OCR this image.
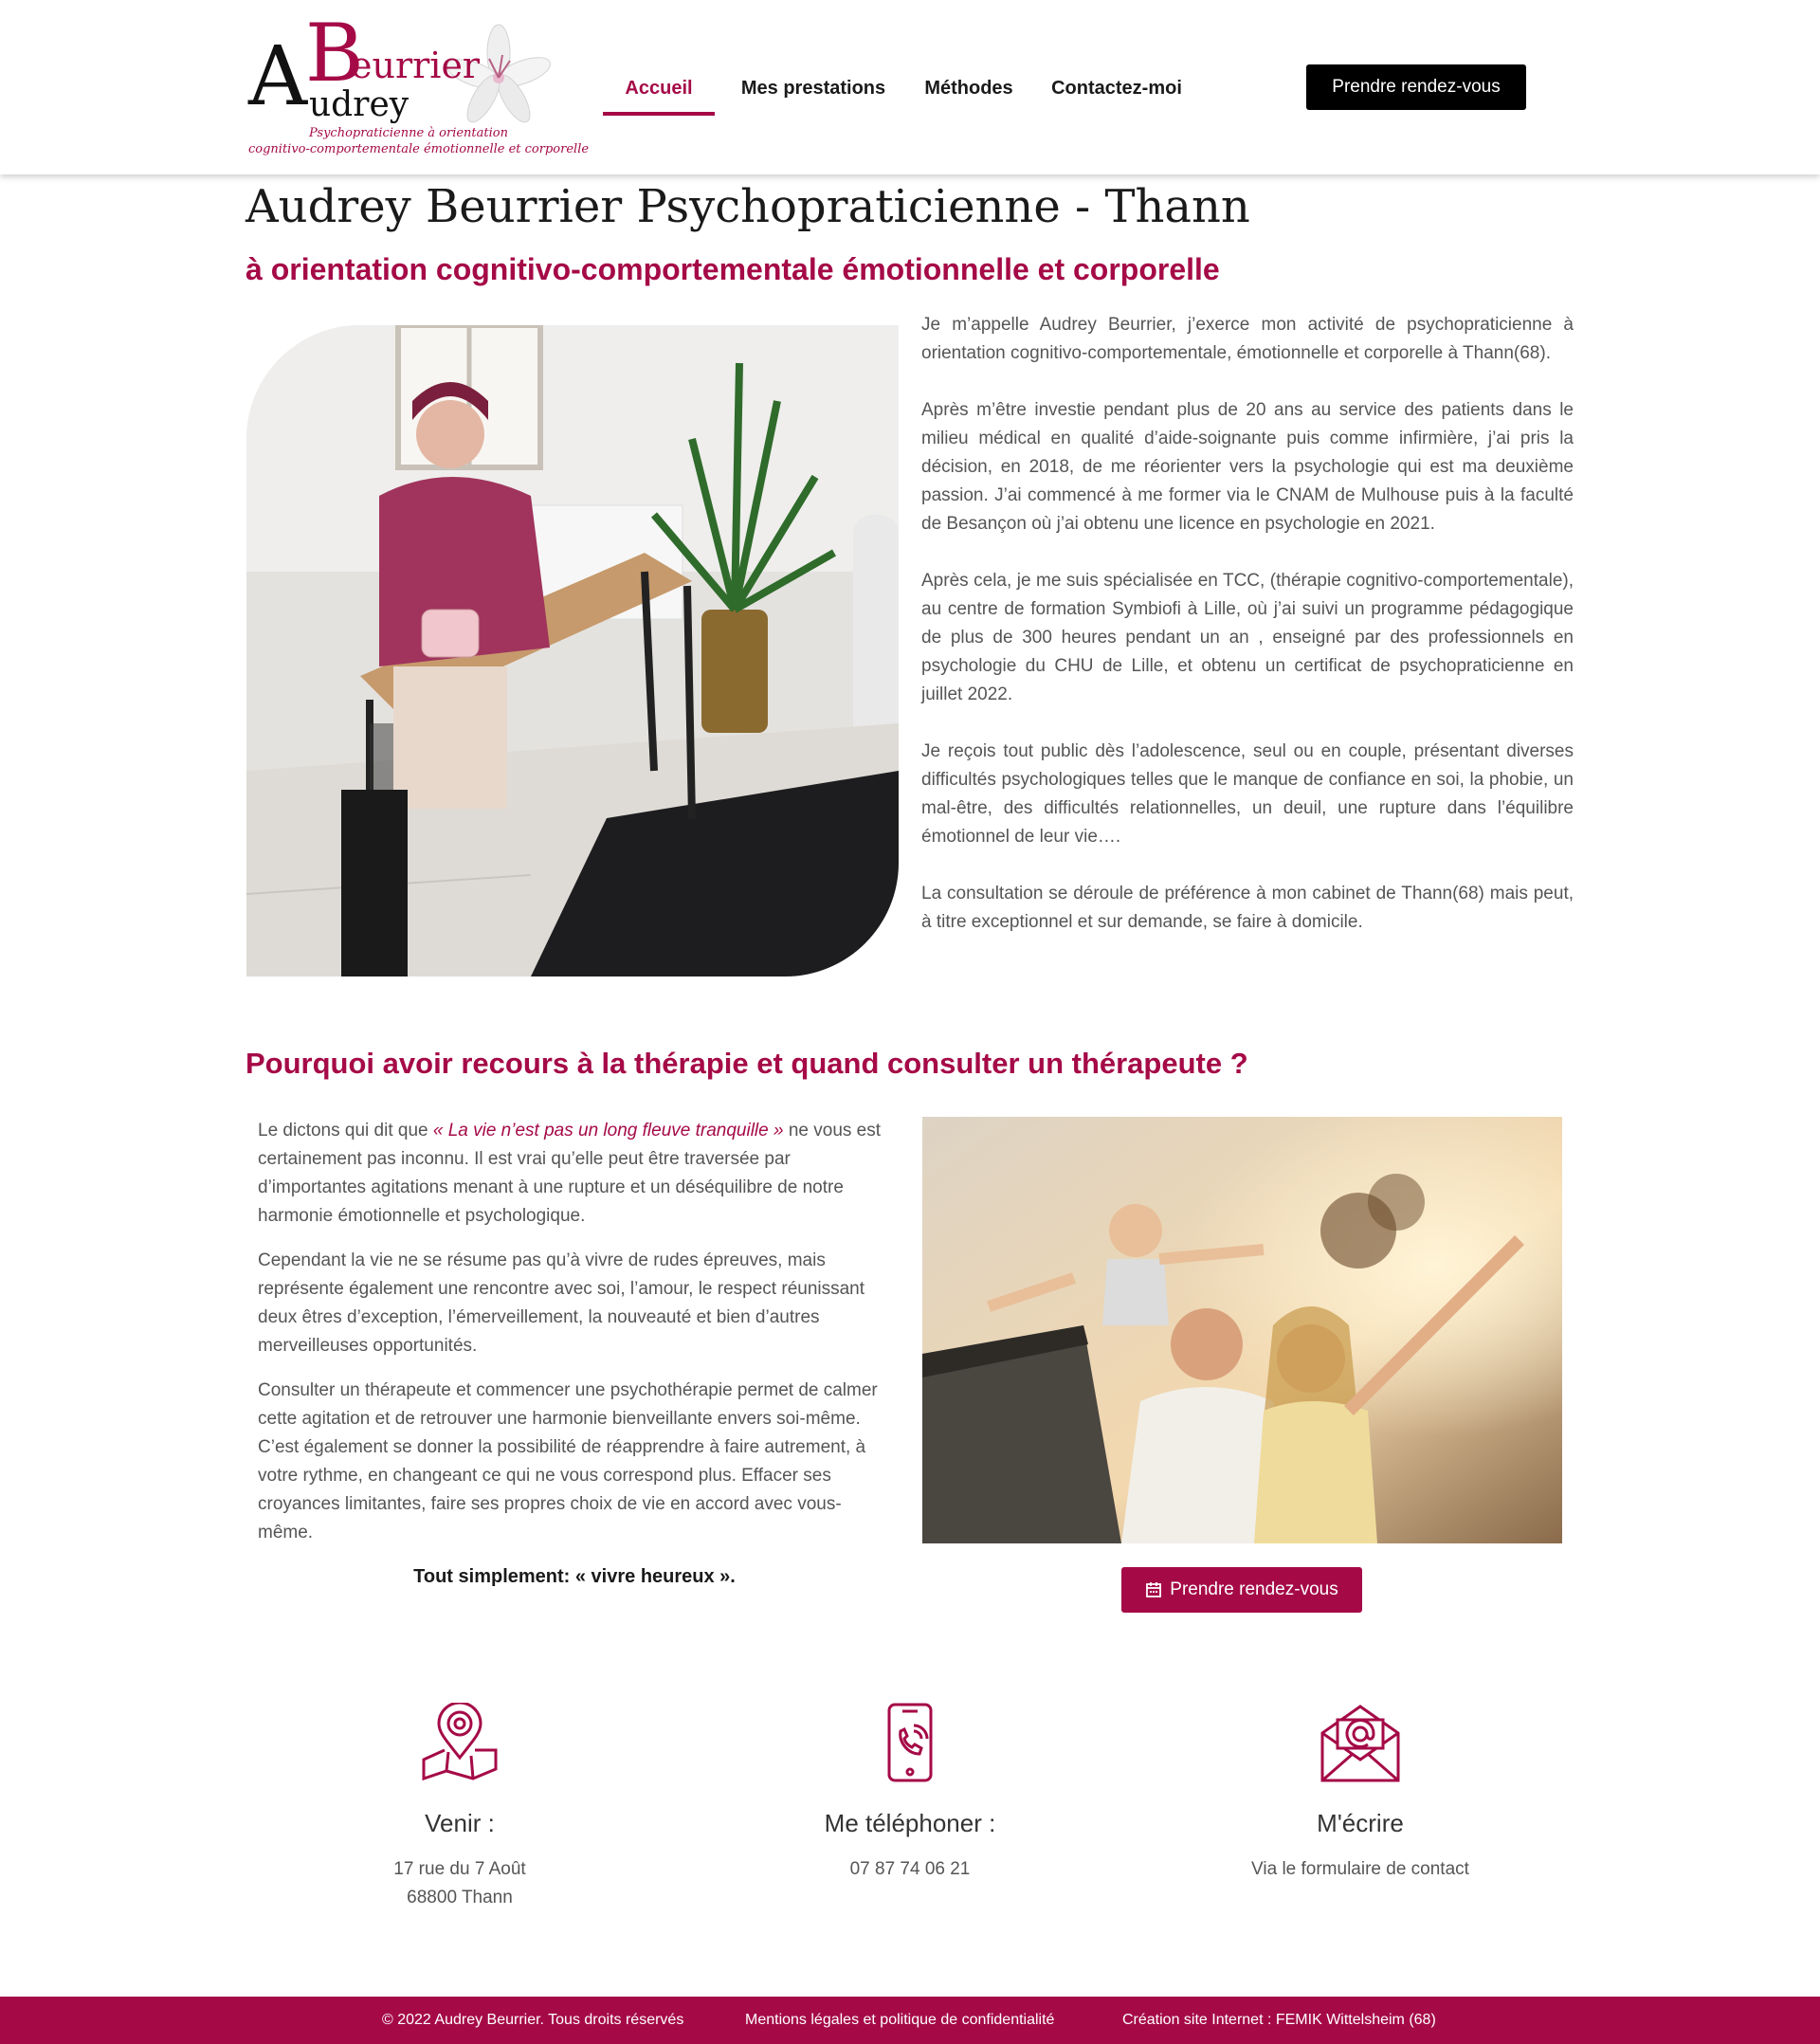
A
B
eurrier
udrey
Psychopraticienne à orientation
cognitivo-comportementale émotionnelle et corporelle
Accueil	Mes prestations Méthodes Contactez-moi	Prendre rendez-vous
Audrey Beurrier Psychopraticienne - Thann
à orientation cognitivo-comportementale émotionnelle et corporelle

Je m’appelle Audrey Beurrier, j’exerce mon activité de psychopraticienne à orientation cognitivo-comportementale, émotionnelle et corporelle à Thann(68).

Après m’être investie pendant plus de 20 ans au service des patients dans le milieu médical en qualité d’aide-soignante puis comme infirmière, j’ai pris la décision, en 2018, de me réorienter vers la psychologie qui est ma deuxième passion. J’ai commencé à me former via le CNAM de Mulhouse puis à la faculté de Besançon où j’ai obtenu une licence en psychologie en 2021.

Après cela, je me suis spécialisée en TCC, (thérapie cognitivo-comportementale), au centre de formation Symbiofi à Lille, où j’ai suivi un programme pédagogique de plus de 300 heures pendant un an , enseigné par des professionnels en psychologie du CHU de Lille, et obtenu un certificat de psychopraticienne en juillet 2022.

Je reçois tout public dès l’adolescence, seul ou en couple, présentant diverses difficultés psychologiques telles que le manque de confiance en soi, la phobie, un mal-être, des difficultés relationnelles, un deuil, une rupture dans l’équilibre émotionnel de leur vie….

La consultation se déroule de préférence à mon cabinet de Thann(68) mais peut, à titre exceptionnel et sur demande, se faire à domicile.

Pourquoi avoir recours à la thérapie et quand consulter un thérapeute ?

Le dictons qui dit que « La vie n’est pas un long fleuve tranquille » ne vous est certainement pas inconnu. Il est vrai qu’elle peut être traversée par d’importantes agitations menant à une rupture et un déséquilibre de notre harmonie émotionnelle et psychologique.

Cependant la vie ne se résume pas qu’à vivre de rudes épreuves, mais représente également une rencontre avec soi, l’amour, le respect réunissant deux êtres d’exception, l’émerveillement, la nouveauté et bien d’autres merveilleuses opportunités.

Consulter un thérapeute et commencer une psychothérapie permet de calmer cette agitation et de retrouver une harmonie bienveillante envers soi-même. C’est également se donner la possibilité de réapprendre à faire autrement, à votre rythme, en changeant ce qui ne vous correspond plus. Effacer ses croyances limitantes, faire ses propres choix de vie en accord avec vous-même.

Tout simplement: « vivre heureux ».
Prendre rendez-vous
Venir :
17 rue du 7 Août
68800 Thann
Me téléphoner :
07 87 74 06 21
M'écrire
Via le formulaire de contact
© 2022 Audrey Beurrier. Tous droits réservés	Mentions légales et politique de confidentialité	Création site Internet : FEMIK Wittelsheim (68)
